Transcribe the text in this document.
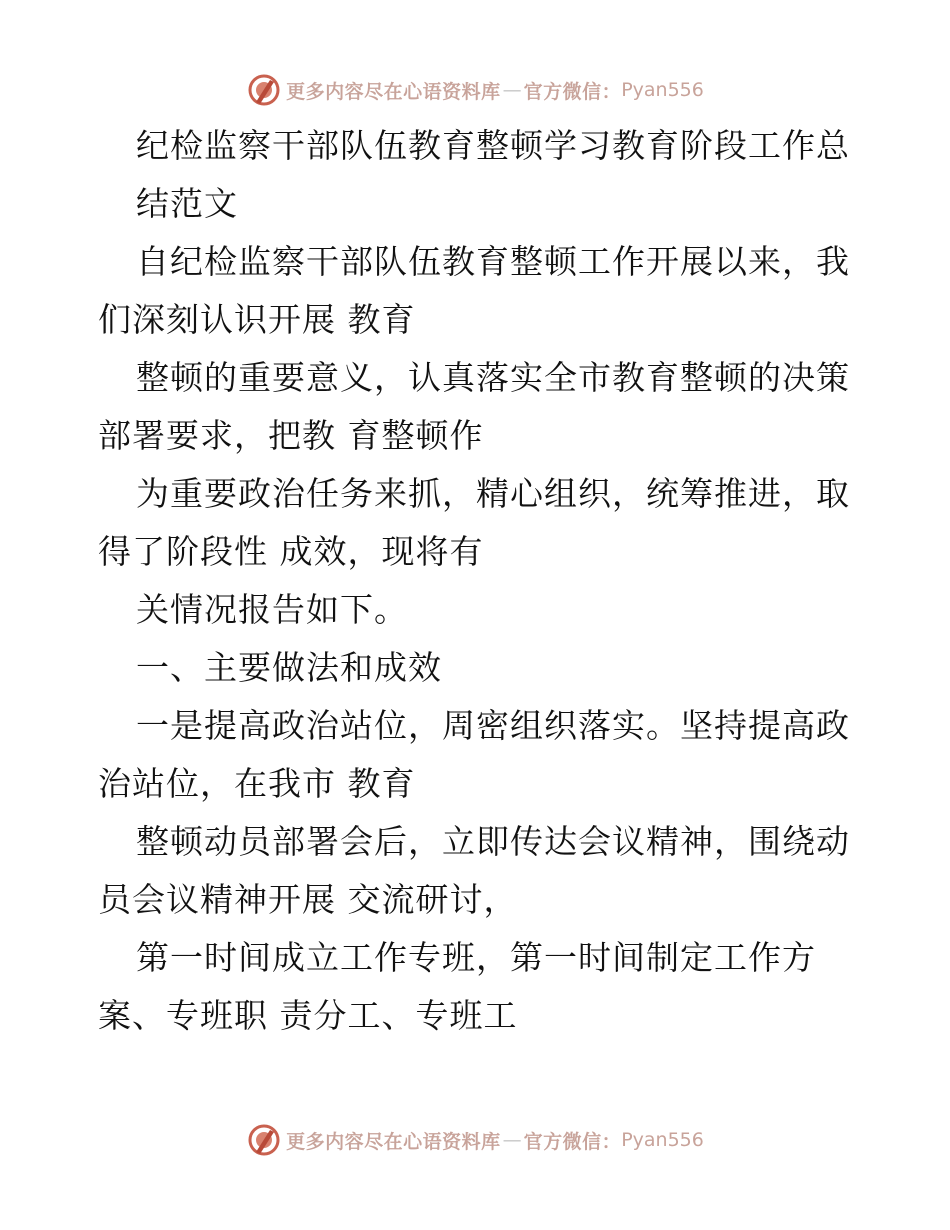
更多内容尽在心语资料库 — 官方微信： Pyan556
纪检监察干部队伍教育整顿学习教育阶段工作总
结范文
自纪检监察干部队伍教育整顿工作开展以来，我
们深刻认识开展 教育
整顿的重要意义，认真落实全市教育整顿的决策
部署要求，把教 育整顿作
为重要政治任务来抓，精心组织，统筹推进，取
得了阶段性 成效，现将有
关情况报告如下。
一、主要做法和成效
一是提高政治站位，周密组织落实。坚持提高政
治站位，在我市 教育
整顿动员部署会后，立即传达会议精神，围绕动
员会议精神开展 交流研讨，
第一时间成立工作专班，第一时间制定工作方
案、专班职 责分工、专班工
更多内容尽在心语资料库 — 官方微信： Pyan556
